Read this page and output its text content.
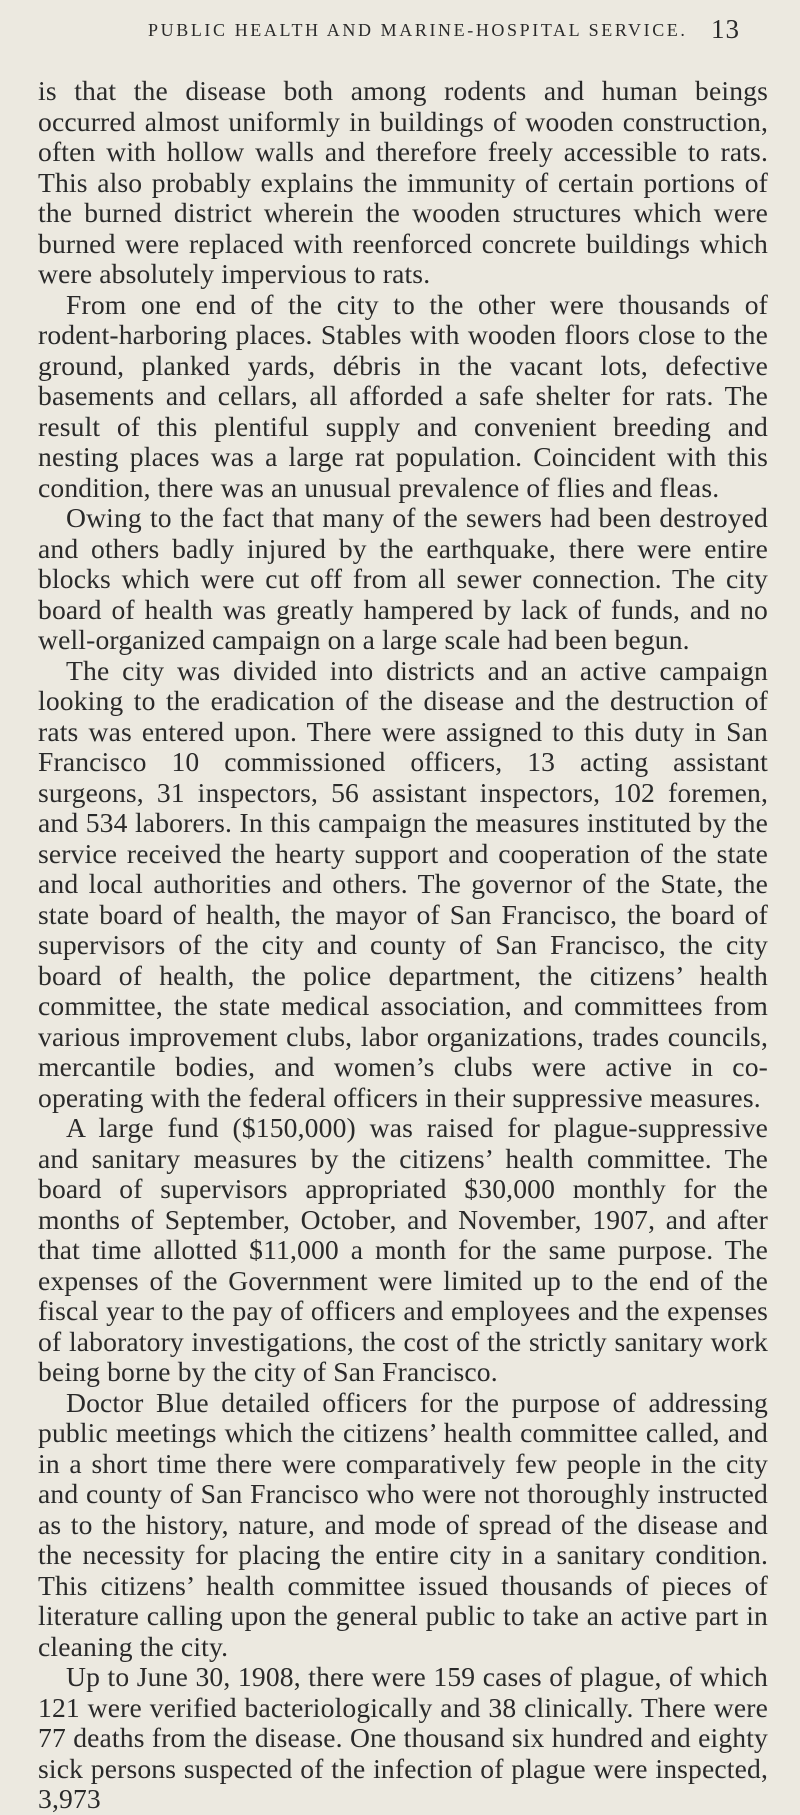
PUBLIC HEALTH AND MARINE-HOSPITAL SERVICE. 13

is that the disease both among rodents and human beings occurred almost uniformly in buildings of wooden construction, often with hollow walls and therefore freely accessible to rats. This also probably explains the immunity of certain portions of the burned district wherein the wooden structures which were burned were replaced with reenforced concrete buildings which were absolutely impervious to rats.

From one end of the city to the other were thousands of rodent-harboring places. Stables with wooden floors close to the ground, planked yards, débris in the vacant lots, defective basements and cellars, all afforded a safe shelter for rats. The result of this plentiful supply and convenient breeding and nesting places was a large rat population. Coincident with this condition, there was an unusual prevalence of flies and fleas.

Owing to the fact that many of the sewers had been destroyed and others badly injured by the earthquake, there were entire blocks which were cut off from all sewer connection. The city board of health was greatly hampered by lack of funds, and no well-organized campaign on a large scale had been begun.

The city was divided into districts and an active campaign looking to the eradication of the disease and the destruction of rats was entered upon. There were assigned to this duty in San Francisco 10 commissioned officers, 13 acting assistant surgeons, 31 inspectors, 56 assistant inspectors, 102 foremen, and 534 laborers. In this campaign the measures instituted by the service received the hearty support and cooperation of the state and local authorities and others. The governor of the State, the state board of health, the mayor of San Francisco, the board of supervisors of the city and county of San Francisco, the city board of health, the police department, the citizens’ health committee, the state medical association, and committees from various improvement clubs, labor organizations, trades councils, mercantile bodies, and women’s clubs were active in co-operating with the federal officers in their suppressive measures.

A large fund ($150,000) was raised for plague-suppressive and sanitary measures by the citizens’ health committee. The board of supervisors appropriated $30,000 monthly for the months of September, October, and November, 1907, and after that time allotted $11,000 a month for the same purpose. The expenses of the Government were limited up to the end of the fiscal year to the pay of officers and employees and the expenses of laboratory investigations, the cost of the strictly sanitary work being borne by the city of San Francisco.

Doctor Blue detailed officers for the purpose of addressing public meetings which the citizens’ health committee called, and in a short time there were comparatively few people in the city and county of San Francisco who were not thoroughly instructed as to the history, nature, and mode of spread of the disease and the necessity for placing the entire city in a sanitary condition. This citizens’ health committee issued thousands of pieces of literature calling upon the general public to take an active part in cleaning the city.

Up to June 30, 1908, there were 159 cases of plague, of which 121 were verified bacteriologically and 38 clinically. There were 77 deaths from the disease. One thousand six hundred and eighty sick persons suspected of the infection of plague were inspected, 3,973
